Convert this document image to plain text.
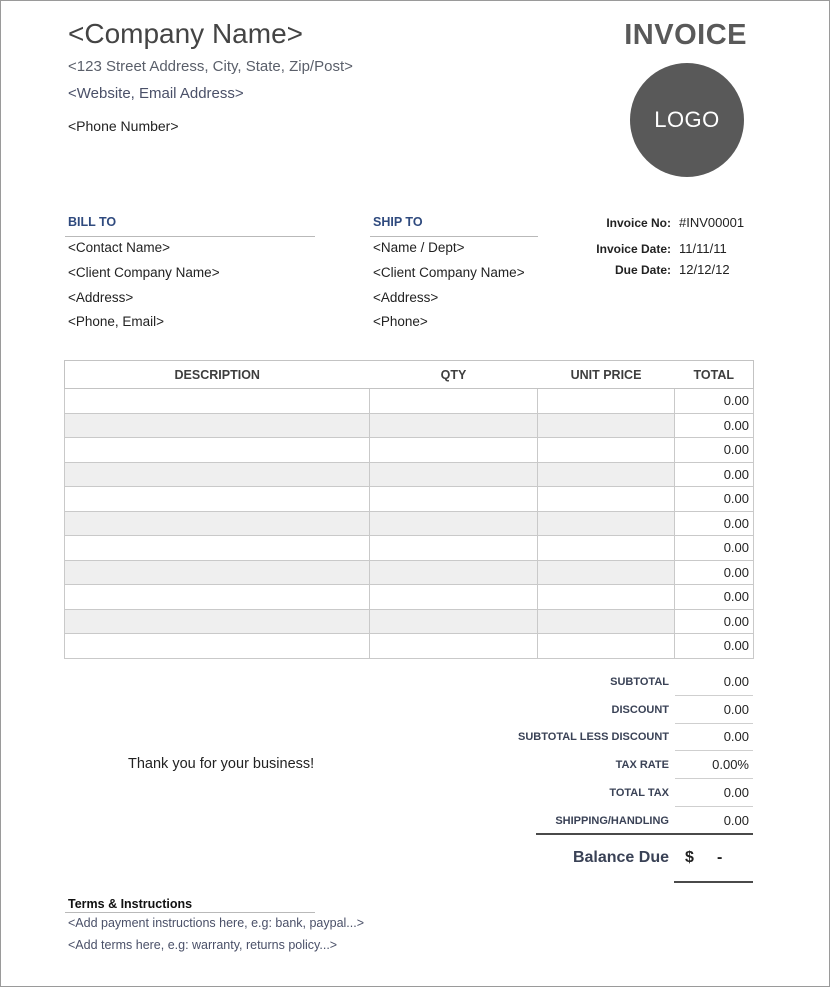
<Company Name>
<123 Street Address, City, State, Zip/Post>
<Website, Email Address>
<Phone Number>
INVOICE
LOGO
BILL TO
<Contact Name>
<Client Company Name>
<Address>
<Phone, Email>
SHIP TO
<Name / Dept>
<Client Company Name>
<Address>
<Phone>
Invoice No: #INV00001
Invoice Date: 11/11/11
Due Date: 12/12/12
DESCRIPTION	QTY	UNIT PRICE	TOTAL
			0.00
			0.00
			0.00
			0.00
			0.00
			0.00
			0.00
			0.00
			0.00
			0.00
			0.00
SUBTOTAL	0.00
DISCOUNT	0.00
SUBTOTAL LESS DISCOUNT	0.00
TAX RATE	0.00%
TOTAL TAX	0.00
SHIPPING/HANDLING	0.00
Balance Due $ -
Thank you for your business!
Terms & Instructions
<Add payment instructions here, e.g: bank, paypal...>
<Add terms here, e.g: warranty, returns policy...>
